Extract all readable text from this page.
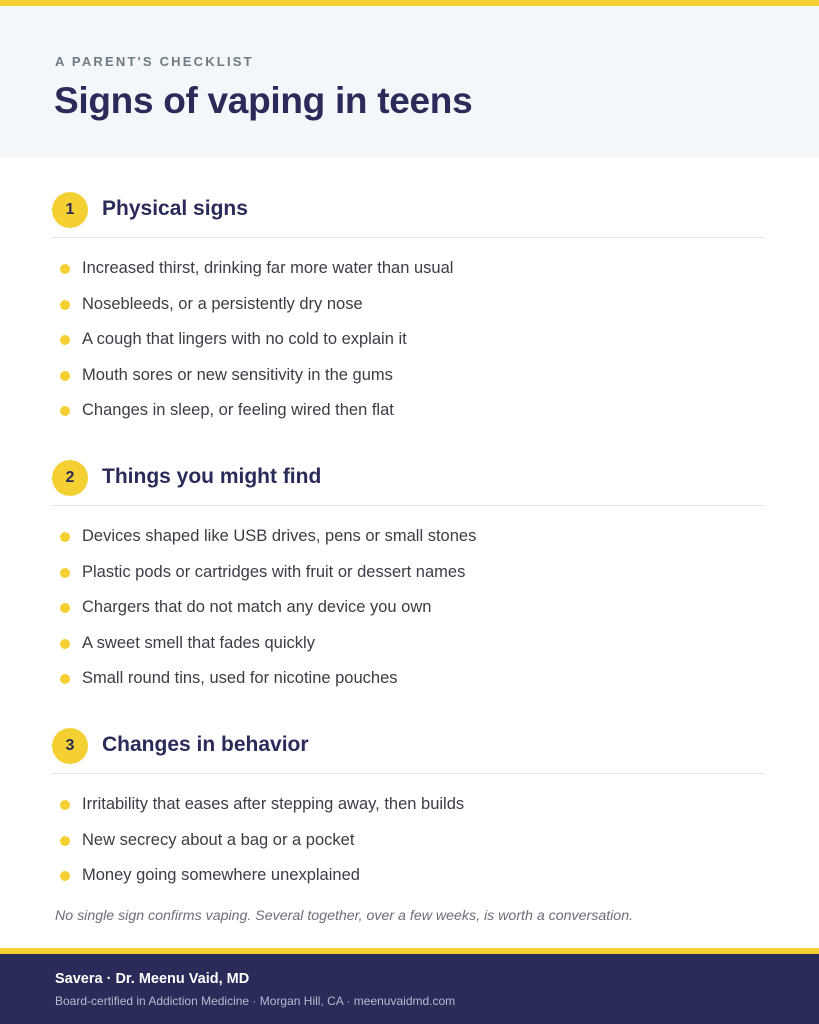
A PARENT'S CHECKLIST
Signs of vaping in teens
1	Physical signs
Increased thirst, drinking far more water than usual
Nosebleeds, or a persistently dry nose
A cough that lingers with no cold to explain it
Mouth sores or new sensitivity in the gums
Changes in sleep, or feeling wired then flat
2	Things you might find
Devices shaped like USB drives, pens or small stones
Plastic pods or cartridges with fruit or dessert names
Chargers that do not match any device you own
A sweet smell that fades quickly
Small round tins, used for nicotine pouches
3	Changes in behavior
Irritability that eases after stepping away, then builds
New secrecy about a bag or a pocket
Money going somewhere unexplained

No single sign confirms vaping. Several together, over a few weeks, is worth a conversation.

Savera · Dr. Meenu Vaid, MD
Board-certified in Addiction Medicine · Morgan Hill, CA · meenuvaidmd.com
